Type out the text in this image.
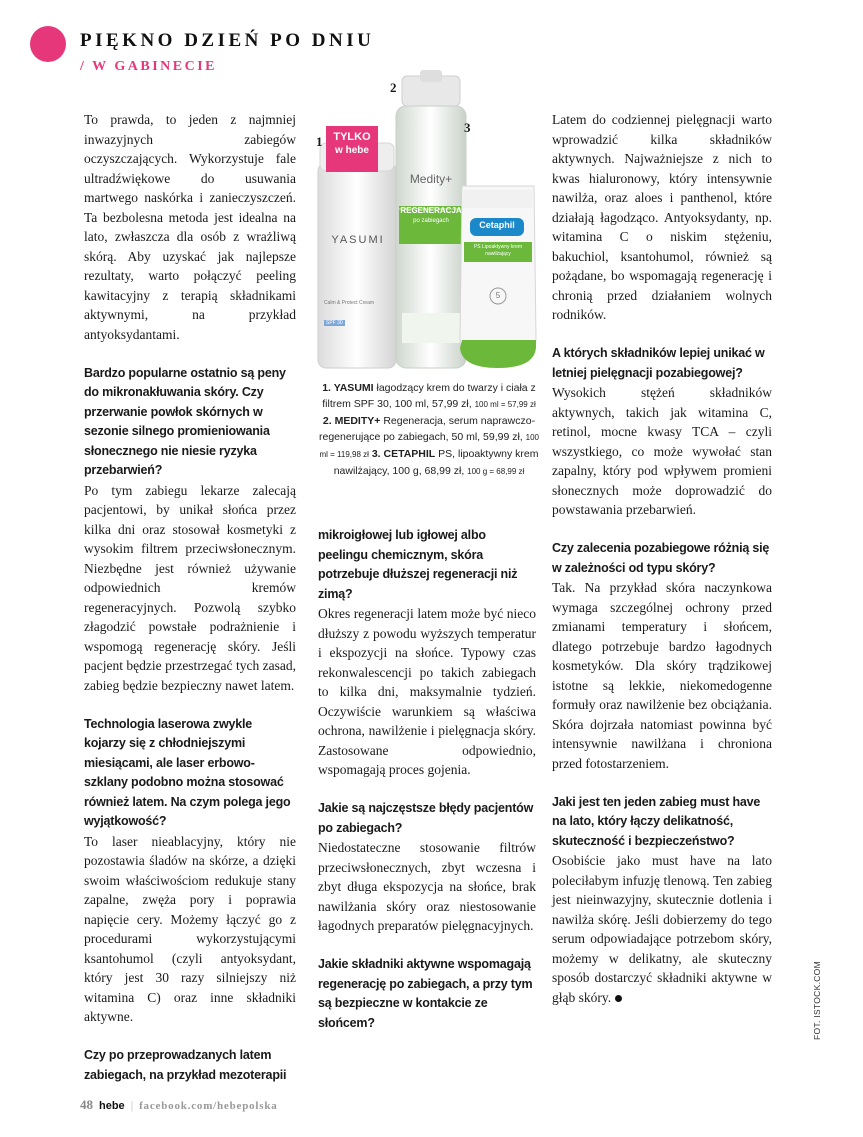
PIĘKNO DZIEŃ PO DNIU
/ W GABINECIE

To prawda, to jeden z najmniej inwazyjnych zabiegów oczyszczających. Wykorzystuje fale ultradźwiękowe do usuwania martwego naskórka i zanieczyszczeń. Ta bezbolesna metoda jest idealna na lato, zwłaszcza dla osób z wrażliwą skórą. Aby uzyskać jak najlepsze rezultaty, warto połączyć peeling kawitacyjny z terapią składnikami aktywnymi, na przykład antyoksydantami.

Bardzo popularne ostatnio są peny do mikronakłuwania skóry. Czy przerwanie powłok skórnych w sezonie silnego promieniowania słonecznego nie niesie ryzyka przebarwień?

Po tym zabiegu lekarze zalecają pacjentowi, by unikał słońca przez kilka dni oraz stosował kosmetyki z wysokim filtrem przeciwsłonecznym. Niezbędne jest również używanie odpowiednich kremów regeneracyjnych. Pozwolą szybko złagodzić powstałe podrażnienie i wspomogą regenerację skóry. Jeśli pacjent będzie przestrzegać tych zasad, zabieg będzie bezpieczny nawet latem.

Technologia laserowa zwykle kojarzy się z chłodniejszymi miesiącami, ale laser erbowo-szklany podobno można stosować również latem. Na czym polega jego wyjątkowość?

To laser nieablacyjny, który nie pozostawia śladów na skórze, a dzięki swoim właściwościom redukuje stany zapalne, zwęża pory i poprawia napięcie cery. Możemy łączyć go z procedurami wykorzystującymi ksantohumol (czyli antyoksydant, który jest 30 razy silniejszy niż witamina C) oraz inne składniki aktywne.

Czy po przeprowadzanych latem zabiegach, na przykład mezoterapii

1
2
3
TYLKO
w hebe
YASUMI
Calm & Protect Cream
SPF 30
Medity+
REGENERACJA
po zabiegach	Cetaphil
PS Lipoaktywny krem nawilżający
5
1. YASUMI łagodzący krem do twarzy i ciała z filtrem SPF 30, 100 ml, 57,99 zł, 100 ml = 57,99 zł 2. MEDITY+ Regeneracja, serum naprawczo-regenerujące po zabiegach, 50 ml, 59,99 zł, 100 ml = 119,98 zł 3. CETAPHIL PS, lipoaktywny krem nawilżający, 100 g, 68,99 zł, 100 g = 68,99 zł

mikroigłowej lub igłowej albo peelingu chemicznym, skóra potrzebuje dłuższej regeneracji niż zimą?

Okres regeneracji latem może być nieco dłuższy z powodu wyższych temperatur i ekspozycji na słońce. Typowy czas rekonwalescencji po takich zabiegach to kilka dni, maksymalnie tydzień. Oczywiście warunkiem są właściwa ochrona, nawilżenie i pielęgnacja skóry. Zastosowane odpowiednio, wspomagają proces gojenia.

Jakie są najczęstsze błędy pacjentów po zabiegach?

Niedostateczne stosowanie filtrów przeciwsłonecznych, zbyt wczesna i zbyt długa ekspozycja na słońce, brak nawilżania skóry oraz niestosowanie łagodnych preparatów pielęgnacyjnych.

Jakie składniki aktywne wspomagają regenerację po zabiegach, a przy tym są bezpieczne w kontakcie ze słońcem?

Latem do codziennej pielęgnacji warto wprowadzić kilka składników aktywnych. Najważniejsze z nich to kwas hialuronowy, który intensywnie nawilża, oraz aloes i panthenol, które działają łagodząco. Antyoksydanty, np. witamina C o niskim stężeniu, bakuchiol, ksantohumol, również są pożądane, bo wspomagają regenerację i chronią przed działaniem wolnych rodników.

A których składników lepiej unikać w letniej pielęgnacji pozabiegowej?

Wysokich stężeń składników aktywnych, takich jak witamina C, retinol, mocne kwasy TCA – czyli wszystkiego, co może wywołać stan zapalny, który pod wpływem promieni słonecznych może doprowadzić do powstawania przebarwień.

Czy zalecenia pozabiegowe różnią się w zależności od typu skóry?

Tak. Na przykład skóra naczynkowa wymaga szczególnej ochrony przed zmianami temperatury i słońcem, dlatego potrzebuje bardzo łagodnych kosmetyków. Dla skóry trądzikowej istotne są lekkie, niekomedogenne formuły oraz nawilżenie bez obciążania. Skóra dojrzała natomiast powinna być intensywnie nawilżana i chroniona przed fotostarzeniem.

Jaki jest ten jeden zabieg must have na lato, który łączy delikatność, skuteczność i bezpieczeństwo?

Osobiście jako must have na lato poleciłabym infuzję tlenową. Ten zabieg jest nieinwazyjny, skutecznie dotlenia i nawilża skórę. Jeśli dobierzemy do tego serum odpowiadające potrzebom skóry, możemy w delikatny, ale skuteczny sposób dostarczyć składniki aktywne w głąb skóry.	FOT. ISTOCK.COM
48 hebe | facebook.com/hebepolska
